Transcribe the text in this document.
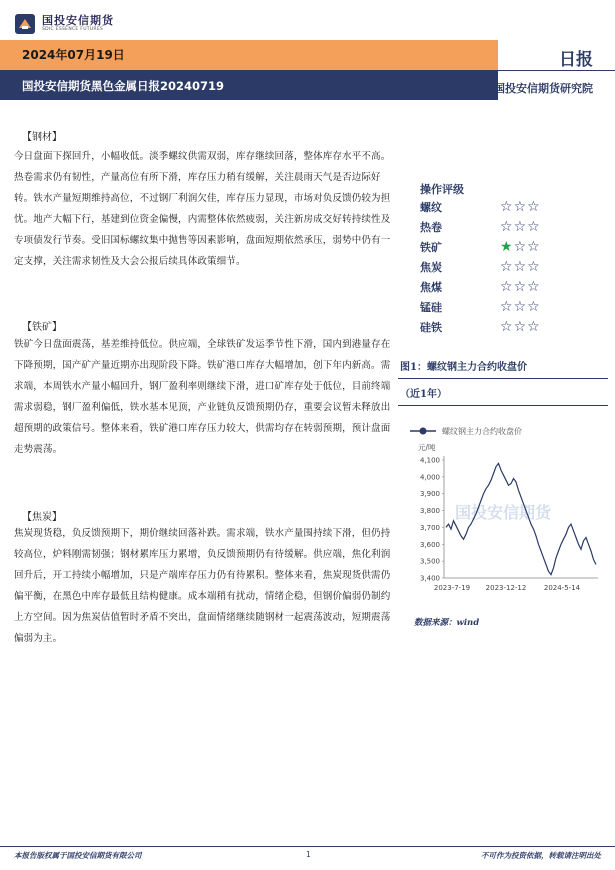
国投安信期货
SDIC ESSENCE FUTURES
2024年07月19日
国投安信期货黑色金属日报20240719
日报
国投安信期货研究院
【钢材】
今日盘面下探回升，小幅收低。淡季螺纹供需双弱，库存继续回落，整体库存水平不高。热卷需求仍有韧性，产量高位有所下滑，库存压力稍有缓解，关注晨雨天气是否边际好转。铁水产量短期维持高位，不过钢厂利润欠佳，库存压力显现，市场对负反馈仍较为担忧。地产大幅下行，基建到位资金偏慢，内需整体依然疲弱，关注新房成交好转持续性及专项债发行节奏。受旧国标螺纹集中抛售等因素影响，盘面短期依然承压，弱势中仍有一定支撑，关注需求韧性及大会公报后续具体政策细节。
【铁矿】
铁矿今日盘面震荡，基差维持低位。供应端，全球铁矿发运季节性下滑，国内到港量存在下降预期，国产矿产量近期亦出现阶段下降。铁矿港口库存大幅增加，创下年内新高。需求端，本周铁水产量小幅回升，钢厂盈利率则继续下滑，进口矿库存处于低位，目前终端需求弱稳，钢厂盈利偏低，铁水基本见顶，产业链负反馈预期仍存，重要会议暂未释放出超预期的政策信号。整体来看，铁矿港口库存压力较大，供需均存在转弱预期，预计盘面走势震荡。
【焦炭】
焦炭现货稳，负反馈预期下，期价继续回落补跌。需求端，铁水产量围持续下滑，但仍持较高位，炉料刚需韧强；钢材累库压力累增，负反馈预期仍有待缓解。供应端，焦化利润回升后，开工持续小幅增加，只是产端库存压力仍有待累积。整体来看，焦炭现货供需仍偏平衡，在黑色中库存最低且结构健康。成本端稍有扰动，情绪企稳，但钢价偏弱仍制约上方空间。因为焦炭估值暂时矛盾不突出，盘面情绪继续随钢材一起震荡波动，短期震荡偏弱为主。
操作评级
螺纹	☆ ☆ ☆
热卷	☆ ☆ ☆
铁矿	★ ☆ ☆
焦炭	☆ ☆ ☆
焦煤	☆ ☆ ☆
锰硅	☆ ☆ ☆
硅铁	☆ ☆ ☆
图1：螺纹钢主力合约收盘价
（近1年）
国投安信期货
螺纹钢主力合约收盘价
元/吨
4,100
4,000
3,900
3,800
3,700
3,600
3,500
3,400
2023-7-19 2023-12-12	2024-5-14
数据来源：wind
本报告版权属于国投安信期货有限公司	1	不可作为投资依据，转载请注明出处
